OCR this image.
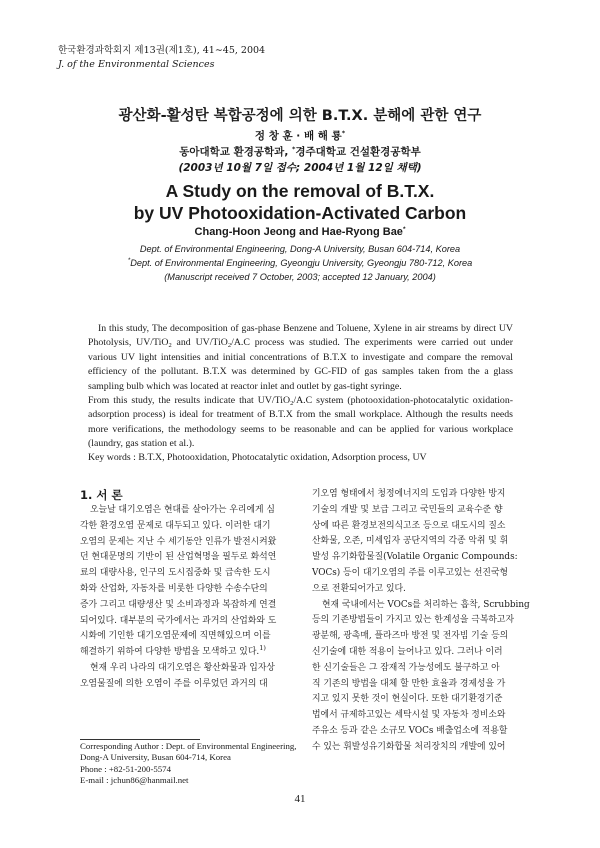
한국환경과학회지 제13권(제1호), 41∼45, 2004
J. of the Environmental Sciences
광산화-활성탄 복합공정에 의한 B.T.X. 분해에 관한 연구
정 창 훈 · 배 해 룡*
동아대학교 환경공학과, *경주대학교 건설환경공학부
(2003년 10월 7일 접수; 2004년 1월 12일 채택)
A Study on the removal of B.T.X.
by UV Photooxidation-Activated Carbon
Chang-Hoon Jeong and Hae-Ryong Bae*
Dept. of Environmental Engineering, Dong-A University, Busan 604-714, Korea
*Dept. of Environmental Engineering, Gyeongju University, Gyeongju 780-712, Korea
(Manuscript received 7 October, 2003; accepted 12 January, 2004)

In this study, The decomposition of gas-phase Benzene and Toluene, Xylene in air streams by direct UV Photolysis, UV/TiO$_2$ and UV/TiO$_2$/A.C process was studied. The experiments were carried out under various UV light intensities and initial concentrations of B.T.X to investigate and compare the removal efficiency of the pollutant. B.T.X was determined by GC-FID of gas samples taken from the a glass sampling bulb which was located at reactor inlet and outlet by gas-tight syringe.

From this study, the results indicate that UV/TiO$_2$/A.C system (photooxidation-photocatalytic oxidation-adsorption process) is ideal for treatment of B.T.X from the small workplace. Although the results needs more verifications, the methodology seems to be reasonable and can be applied for various workplace (laundry, gas station et al.).

Key words : B.T.X, Photooxidation, Photocatalytic oxidation, Adsorption process, UV
1. 서 론

오늘날 대기오염은 현대를 살아가는 우리에게 심

각한 환경오염 문제로 대두되고 있다. 이러한 대기

오염의 문제는 지난 수 세기동안 인류가 발전시켜왔

던 현대문명의 기반이 된 산업혁명을 필두로 화석연

료의 대량사용, 인구의 도시집중화 및 급속한 도시

화와 산업화, 자동차를 비롯한 다양한 수송수단의

증가 그리고 대량생산 및 소비과정과 복잡하게 연결

되어있다. 대부분의 국가에서는 과거의 산업화와 도

시화에 기인한 대기오염문제에 직면해있으며 이를

해결하기 위하여 다양한 방법을 모색하고 있다.$^{1)}$

현재 우리 나라의 대기오염은 황산화물과 입자상

오염물질에 의한 오염이 주를 이루었던 과거의 대

기오염 형태에서 청정에너지의 도입과 다양한 방지

기술의 개발 및 보급 그리고 국민들의 교육수준 향

상에 따른 환경보전의식고조 등으로 대도시의 질소

산화물, 오존, 미세입자 공단지역의 각종 악취 및 휘

발성 유기화합물질(Volatile Organic Compounds:

VOCs) 등이 대기오염의 주를 이루고있는 선진국형

으로 전환되어가고 있다.

현재 국내에서는 VOCs를 처리하는 흡착, Scrubbing

등의 기존방법들이 가지고 있는 한계성을 극복하고자

광분해, 광촉매, 플라즈마 방전 및 전자빔 기술 등의

신기술에 대한 적용이 늘어나고 있다. 그러나 이러

한 신기술들은 그 잠재적 가능성에도 불구하고 아

직 기존의 방법을 대체 할 만한 효율과 경제성을 가

지고 있지 못한 것이 현실이다. 또한 대기환경기준

법에서 규제하고있는 세탁시설 및 자동차 정비소와

주유소 등과 같은 소규모 VOCs 배출업소에 적용할

수 있는 휘발성유기화합물 처리장치의 개발에 있어

Corresponding Author : Dept. of Environmental Engineering,
Dong-A University, Busan 604-714, Korea
Phone : +82-51-200-5574
E-mail : jchun86@hanmail.net
41
